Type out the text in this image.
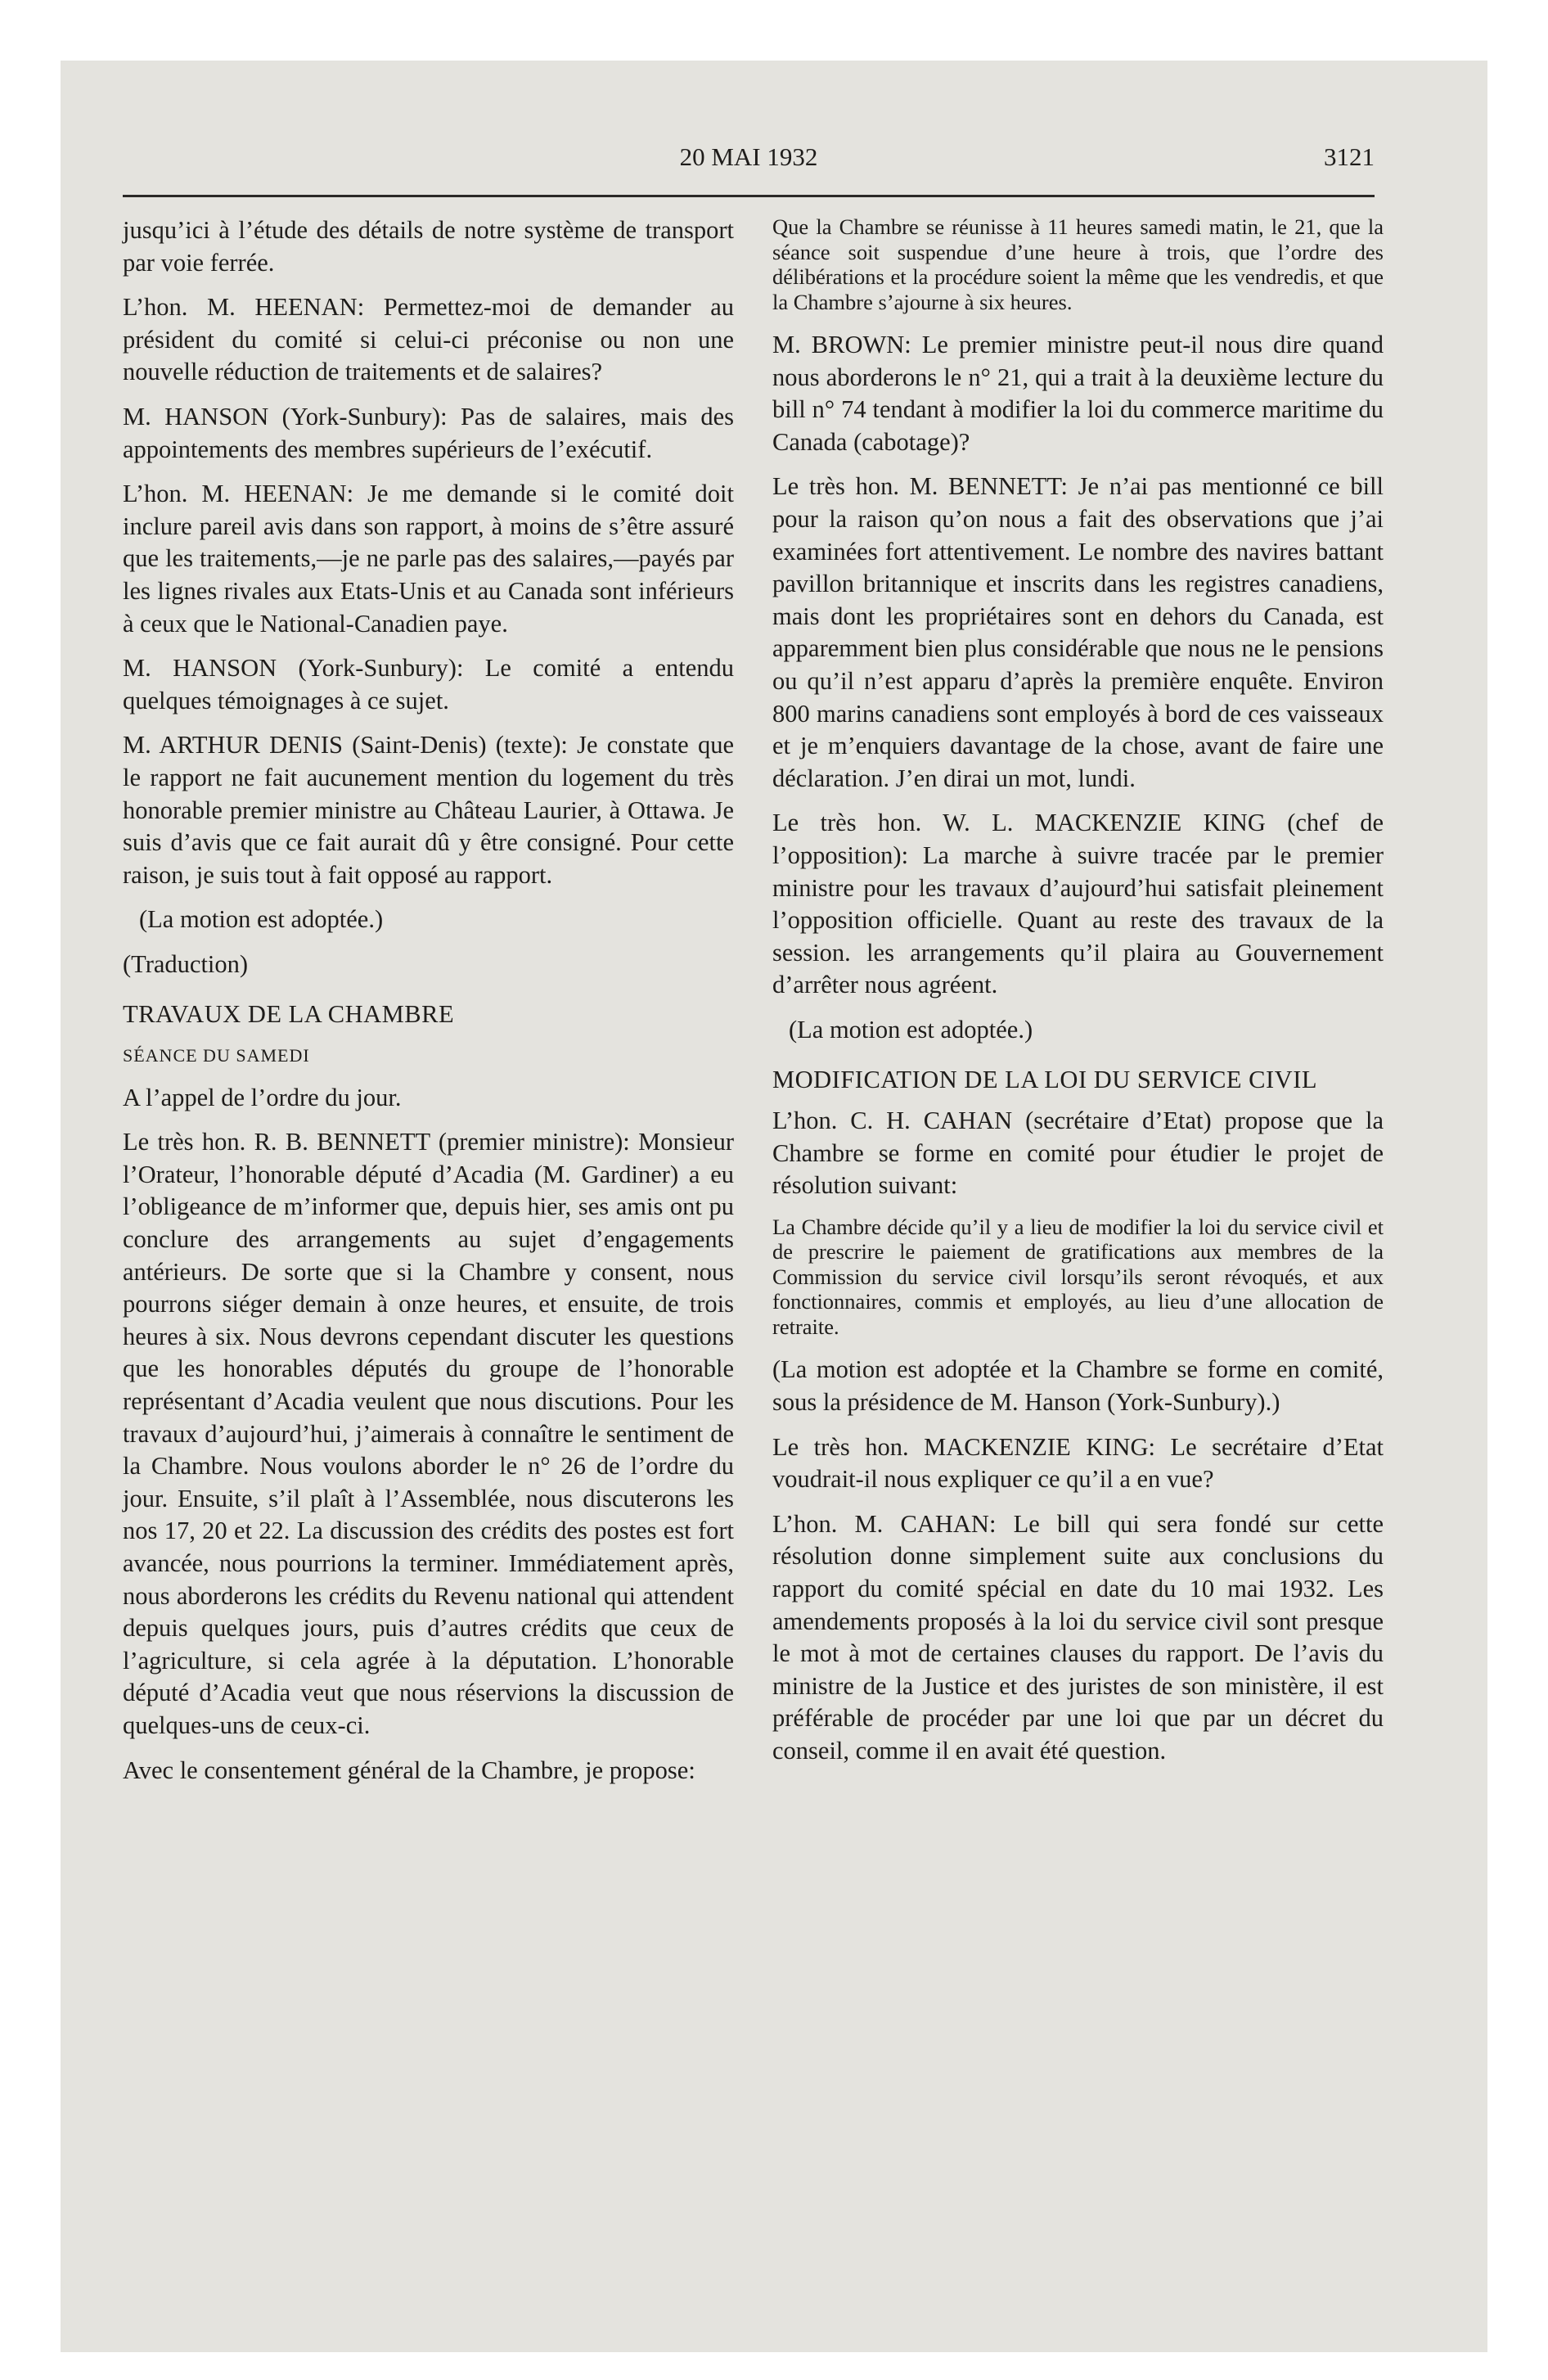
20 MAI 1932	3121

jusqu’ici à l’étude des détails de notre système de transport par voie ferrée.

L’hon. M. HEENAN: Permettez-moi de demander au président du comité si celui-ci préconise ou non une nouvelle réduction de traitements et de salaires?

M. HANSON (York-Sunbury): Pas de salaires, mais des appointements des membres supérieurs de l’exécutif.

L’hon. M. HEENAN: Je me demande si le comité doit inclure pareil avis dans son rapport, à moins de s’être assuré que les traitements,—je ne parle pas des salaires,—payés par les lignes rivales aux Etats-Unis et au Canada sont inférieurs à ceux que le National-Canadien paye.

M. HANSON (York-Sunbury): Le comité a entendu quelques témoignages à ce sujet.

M. ARTHUR DENIS (Saint-Denis) (texte): Je constate que le rapport ne fait aucunement mention du logement du très honorable premier ministre au Château Laurier, à Ottawa. Je suis d’avis que ce fait aurait dû y être consigné. Pour cette raison, je suis tout à fait opposé au rapport.

(La motion est adoptée.)

(Traduction)

TRAVAUX DE LA CHAMBRE

SÉANCE DU SAMEDI

A l’appel de l’ordre du jour.

Le très hon. R. B. BENNETT (premier ministre): Monsieur l’Orateur, l’honorable député d’Acadia (M. Gardiner) a eu l’obligeance de m’informer que, depuis hier, ses amis ont pu conclure des arrangements au sujet d’engagements antérieurs. De sorte que si la Chambre y consent, nous pourrons siéger demain à onze heures, et ensuite, de trois heures à six. Nous devrons cependant discuter les questions que les honorables députés du groupe de l’honorable représentant d’Acadia veulent que nous discutions. Pour les travaux d’aujourd’hui, j’aimerais à connaître le sentiment de la Chambre. Nous voulons aborder le n° 26 de l’ordre du jour. Ensuite, s’il plaît à l’Assemblée, nous discuterons les nos 17, 20 et 22. La discussion des crédits des postes est fort avancée, nous pourrions la terminer. Immédiatement après, nous aborderons les crédits du Revenu national qui attendent depuis quelques jours, puis d’autres crédits que ceux de l’agriculture, si cela agrée à la députation. L’honorable député d’Acadia veut que nous réservions la discussion de quelques-uns de ceux-ci.

Avec le consentement général de la Chambre, je propose:

Que la Chambre se réunisse à 11 heures samedi matin, le 21, que la séance soit suspendue d’une heure à trois, que l’ordre des délibérations et la procédure soient la même que les vendredis, et que la Chambre s’ajourne à six heures.

M. BROWN: Le premier ministre peut-il nous dire quand nous aborderons le n° 21, qui a trait à la deuxième lecture du bill n° 74 tendant à modifier la loi du commerce maritime du Canada (cabotage)?

Le très hon. M. BENNETT: Je n’ai pas mentionné ce bill pour la raison qu’on nous a fait des observations que j’ai examinées fort attentivement. Le nombre des navires battant pavillon britannique et inscrits dans les registres canadiens, mais dont les propriétaires sont en dehors du Canada, est apparemment bien plus considérable que nous ne le pensions ou qu’il n’est apparu d’après la première enquête. Environ 800 marins canadiens sont employés à bord de ces vaisseaux et je m’enquiers davantage de la chose, avant de faire une déclaration. J’en dirai un mot, lundi.

Le très hon. W. L. MACKENZIE KING (chef de l’opposition): La marche à suivre tracée par le premier ministre pour les travaux d’aujourd’hui satisfait pleinement l’opposition officielle. Quant au reste des travaux de la session. les arrangements qu’il plaira au Gouvernement d’arrêter nous agréent.

(La motion est adoptée.)

MODIFICATION DE LA LOI DU SERVICE CIVIL

L’hon. C. H. CAHAN (secrétaire d’Etat) propose que la Chambre se forme en comité pour étudier le projet de résolution suivant:

La Chambre décide qu’il y a lieu de modifier la loi du service civil et de prescrire le paiement de gratifications aux membres de la Commission du service civil lorsqu’ils seront révoqués, et aux fonctionnaires, commis et employés, au lieu d’une allocation de retraite.

(La motion est adoptée et la Chambre se forme en comité, sous la présidence de M. Hanson (York-Sunbury).)

Le très hon. MACKENZIE KING: Le secrétaire d’Etat voudrait-il nous expliquer ce qu’il a en vue?

L’hon. M. CAHAN: Le bill qui sera fondé sur cette résolution donne simplement suite aux conclusions du rapport du comité spécial en date du 10 mai 1932. Les amendements proposés à la loi du service civil sont presque le mot à mot de certaines clauses du rapport. De l’avis du ministre de la Justice et des juristes de son ministère, il est préférable de procéder par une loi que par un décret du conseil, comme il en avait été question.
